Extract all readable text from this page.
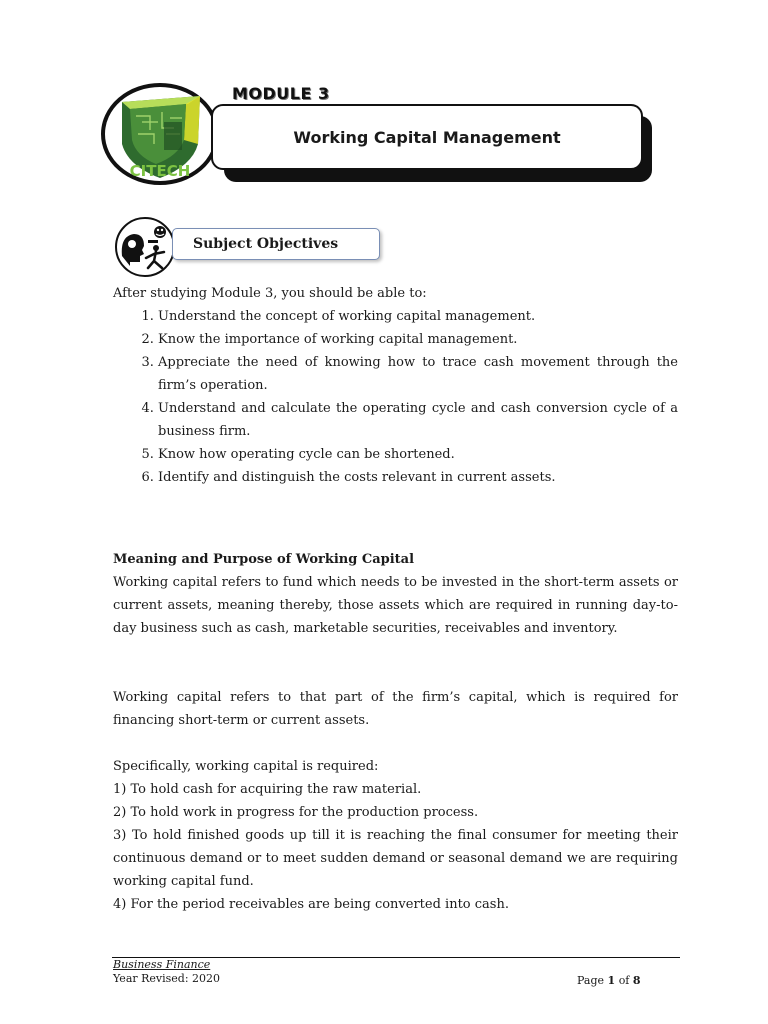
CITECH
MODULE 3
Working Capital Management
Subject Objectives
After studying Module 3, you should be able to:
1. Understand the concept of working capital management.
2. Know the importance of working capital management.
3. Appreciate the need of knowing how to trace cash movement through the firm’s operation.
4. Understand and calculate the operating cycle and cash conversion cycle of a business firm.
5. Know how operating cycle can be shortened.
6. Identify and distinguish the costs relevant in current assets.
Meaning and Purpose of Working Capital

Working capital refers to fund which needs to be invested in the short-term assets or current assets, meaning thereby, those assets which are required in running day-to-day business such as cash, marketable securities, receivables and inventory.

Working capital refers to that part of the firm’s capital, which is required for financing short-term or current assets.

Specifically, working capital is required:

1) To hold cash for acquiring the raw material.

2) To hold work in progress for the production process.

3) To hold finished goods up till it is reaching the final consumer for meeting their continuous demand or to meet sudden demand or seasonal demand we are requiring working capital fund.

4) For the period receivables are being converted into cash.

Business Finance
Year Revised: 2020	Page 1 of 8
